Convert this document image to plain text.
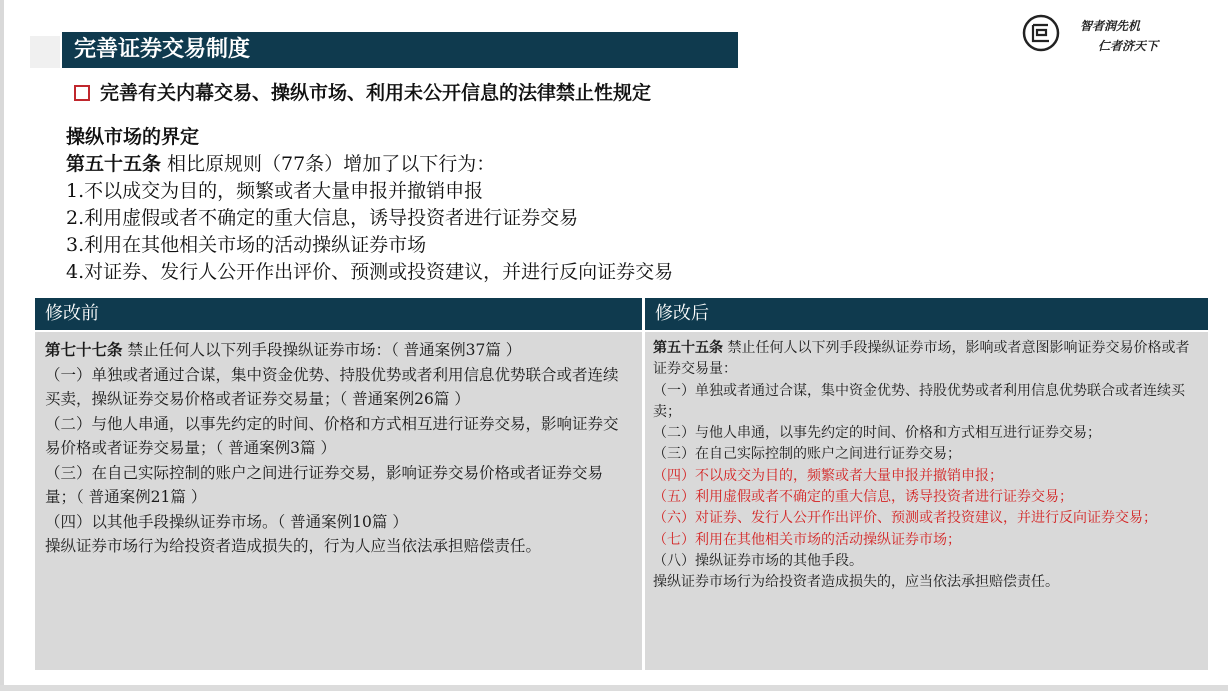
完善证券交易制度
智者润先机
仁者济天下
完善有关内幕交易、操纵市场、利用未公开信息的法律禁止性规定
操纵市场的界定
第五十五条 相比原规则（77条）增加了以下行为：
1.不以成交为目的，频繁或者大量申报并撤销申报
2.利用虚假或者不确定的重大信息，诱导投资者进行证券交易
3.利用在其他相关市场的活动操纵证券市场
4.对证券、发行人公开作出评价、预测或投资建议，并进行反向证券交易
修改前	修改后

第七十七条 禁止任何人以下列手段操纵证券市场：（ 普通案例37篇 ）

（一）单独或者通过合谋，集中资金优势、持股优势或者利用信息优势联合或者连续买卖，操纵证券交易价格或者证券交易量；（ 普通案例26篇 ）

（二）与他人串通，以事先约定的时间、价格和方式相互进行证券交易，影响证券交易价格或者证券交易量；（ 普通案例3篇 ）

（三）在自己实际控制的账户之间进行证券交易，影响证券交易价格或者证券交易量；（ 普通案例21篇 ）

（四）以其他手段操纵证券市场。（ 普通案例10篇 ）

操纵证券市场行为给投资者造成损失的，行为人应当依法承担赔偿责任。

第五十五条 禁止任何人以下列手段操纵证券市场，影响或者意图影响证券交易价格或者证券交易量：

（一）单独或者通过合谋，集中资金优势、持股优势或者利用信息优势联合或者连续买卖；

（二）与他人串通，以事先约定的时间、价格和方式相互进行证券交易；

（三）在自己实际控制的账户之间进行证券交易；

（四）不以成交为目的，频繁或者大量申报并撤销申报；

（五）利用虚假或者不确定的重大信息，诱导投资者进行证券交易；

（六）对证券、发行人公开作出评价、预测或者投资建议，并进行反向证券交易；

（七）利用在其他相关市场的活动操纵证券市场；

（八）操纵证券市场的其他手段。

操纵证券市场行为给投资者造成损失的，应当依法承担赔偿责任。
